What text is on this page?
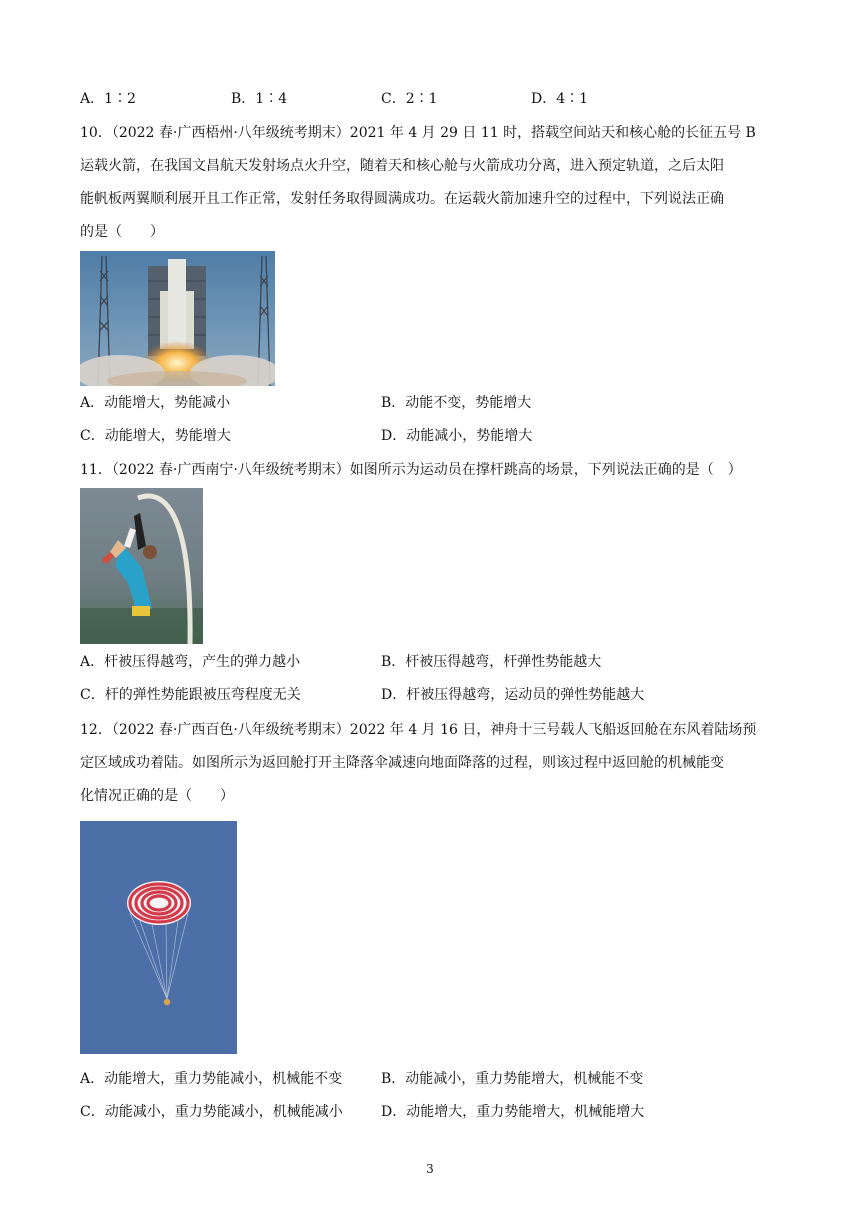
A．1∶2	B．1∶4	C．2∶1	D．4∶1
10．（2022 春·广西梧州·八年级统考期末）2021 年 4 月 29 日 11 时，搭载空间站天和核心舱的长征五号 B
运载火箭，在我国文昌航天发射场点火升空，随着天和核心舱与火箭成功分离，进入预定轨道，之后太阳
能帆板两翼顺利展开且工作正常，发射任务取得圆满成功。在运载火箭加速升空的过程中，下列说法正确
的是（　　）
A．动能增大，势能减小	B．动能不变，势能增大
C．动能增大，势能增大	D．动能减小，势能增大
11．（2022 春·广西南宁·八年级统考期末）如图所示为运动员在撑杆跳高的场景，下列说法正确的是（　）
A．杆被压得越弯，产生的弹力越小	B．杆被压得越弯，杆弹性势能越大
C．杆的弹性势能跟被压弯程度无关	D．杆被压得越弯，运动员的弹性势能越大
12．（2022 春·广西百色·八年级统考期末）2022 年 4 月 16 日，神舟十三号载人飞船返回舱在东风着陆场预
定区域成功着陆。如图所示为返回舱打开主降落伞减速向地面降落的过程，则该过程中返回舱的机械能变
化情况正确的是（　　）
A．动能增大，重力势能减小，机械能不变	B．动能减小，重力势能增大，机械能不变
C．动能减小，重力势能减小，机械能减小	D．动能增大，重力势能增大，机械能增大
3
